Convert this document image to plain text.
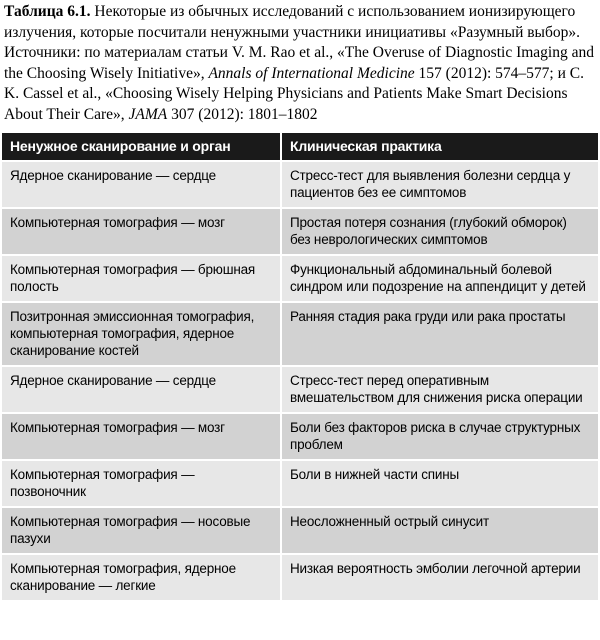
Таблица 6.1. Некоторые из обычных исследований с использованием ионизирующего излучения, которые посчитали ненужными участники инициативы «Разумный выбор». Источники: по материалам статьи V. M. Rao et al., «The Overuse of Diagnostic Imaging and the Choosing Wisely Initiative», Annals of International Medicine 157 (2012): 574–577; и C. K. Cassel et al., «Choosing Wisely Helping Physicians and Patients Make Smart Decisions About Their Care», JAMA 307 (2012): 1801–1802

Ненужное сканирование и орган	Клиническая практика
Ядерное сканирование — сердце	Стресс-тест для выявления болезни сердца у пациентов без ее симптомов
Компьютерная томография — мозг	Простая потеря сознания (глубокий обморок) без неврологических симптомов
Компьютерная томография — брюшная полость	Функциональный абдоминальный болевой синдром или подозрение на аппендицит у детей
Позитронная эмиссионная томография, компьютерная томография, ядерное сканирование костей	Ранняя стадия рака груди или рака простаты
Ядерное сканирование — сердце	Стресс-тест перед оперативным вмешательством для снижения риска операции
Компьютерная томография — мозг	Боли без факторов риска в случае структурных проблем
Компьютерная томография — позвоночник	Боли в нижней части спины
Компьютерная томография — носовые пазухи	Неосложненный острый синусит
Компьютерная томография, ядерное сканирование — легкие	Низкая вероятность эмболии легочной артерии
